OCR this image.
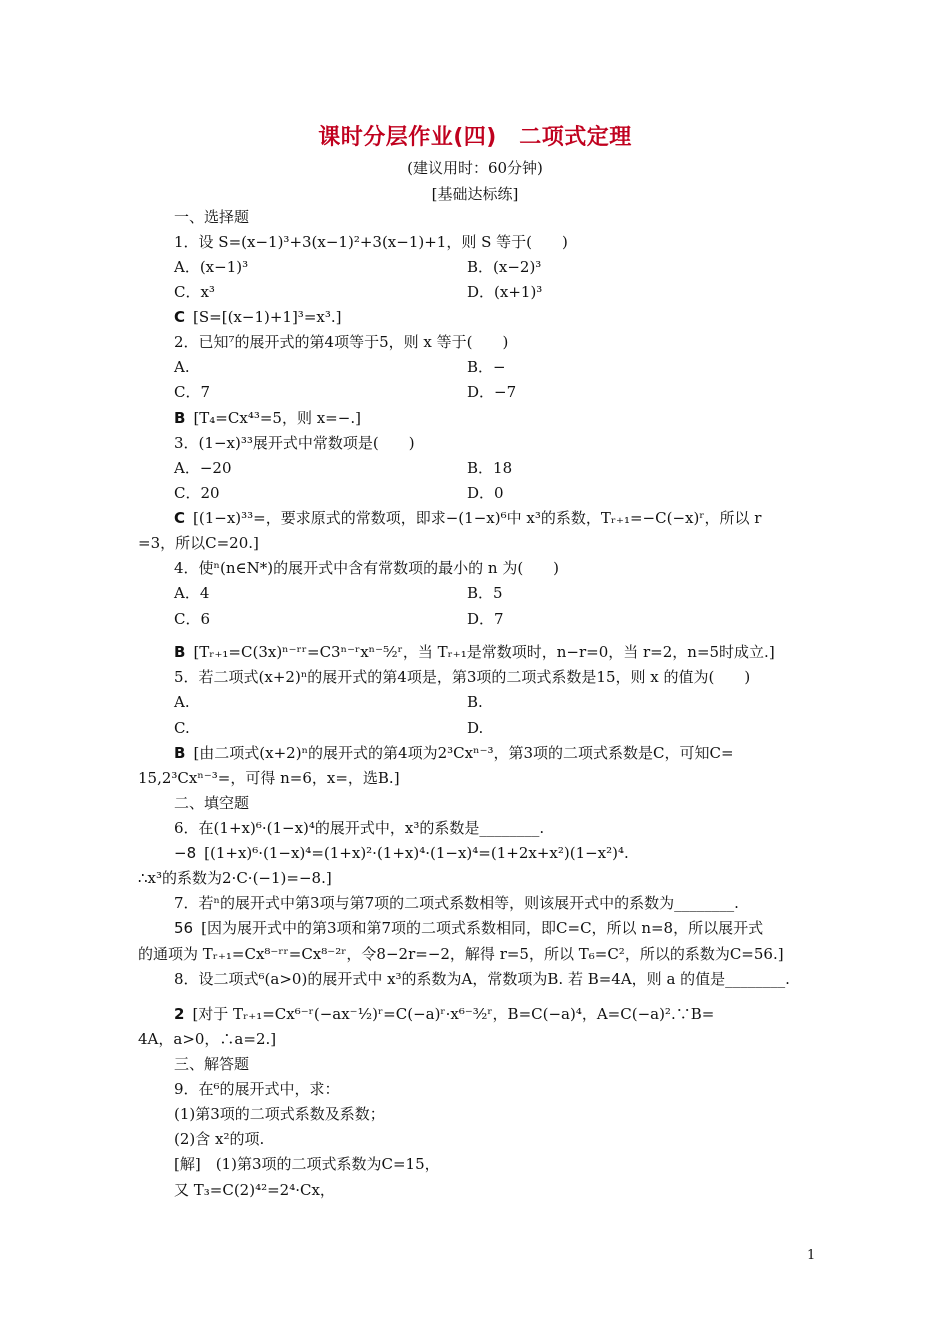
课时分层作业(四)　二项式定理
(建议用时：60分钟)
[基础达标练]
一、选择题
1．设 S=(x−1)³+3(x−1)²+3(x−1)+1，则 S 等于(　　)
A．(x−1)³	B．(x−2)³
C．x³	D．(x+1)³
C [S=[(x−1)+1]³=x³.]
2．已知⁷的展开式的第4项等于5，则 x 等于(　　)
A.	B．−
C．7	D．−7
B [T₄=Cx⁴³=5，则 x=−.]
3．(1−x)³³展开式中常数项是(　　)
A．−20	B．18
C．20	D．0
C [(1−x)³³=，要求原式的常数项，即求−(1−x)⁶中 x³的系数，Tᵣ₊₁=−C(−x)ʳ，所以 r
=3，所以C=20.]
4．使ⁿ(n∈N*)的展开式中含有常数项的最小的 n 为(　　)
A．4	B．5
C．6	D．7
B [Tᵣ₊₁=C(3x)ⁿ⁻ʳʳ=C3ⁿ⁻ʳxⁿ⁻⁵⁄₂ʳ，当 Tᵣ₊₁是常数项时，n−r=0，当 r=2，n=5时成立.]
5．若二项式(x+2)ⁿ的展开式的第4项是，第3项的二项式系数是15，则 x 的值为(　　)
A.	B.
C.	D.
B [由二项式(x+2)ⁿ的展开式的第4项为2³Cxⁿ⁻³，第3项的二项式系数是C，可知C=
15,2³Cxⁿ⁻³=，可得 n=6，x=，选B.]
二、填空题
6．在(1+x)⁶·(1−x)⁴的展开式中，x³的系数是________.
−8 [(1+x)⁶·(1−x)⁴=(1+x)²·(1+x)⁴·(1−x)⁴=(1+2x+x²)(1−x²)⁴.
∴x³的系数为2·C·(−1)=−8.]
7．若ⁿ的展开式中第3项与第7项的二项式系数相等，则该展开式中的系数为________.
56 [因为展开式中的第3项和第7项的二项式系数相同，即C=C，所以 n=8，所以展开式
的通项为 Tᵣ₊₁=Cx⁸⁻ʳʳ=Cx⁸⁻²ʳ，令8−2r=−2，解得 r=5，所以 T₆=C²，所以的系数为C=56.]
8．设二项式⁶(a>0)的展开式中 x³的系数为A，常数项为B. 若 B=4A，则 a 的值是________.
2 [对于 Tᵣ₊₁=Cx⁶⁻ʳ(−ax⁻¹⁄₂)ʳ=C(−a)ʳ·x⁶⁻³⁄₂ʳ，B=C(−a)⁴，A=C(−a)².∵B=
4A，a>0，∴a=2.]
三、解答题
9．在⁶的展开式中，求：
(1)第3项的二项式系数及系数；
(2)含 x²的项.
[解]　(1)第3项的二项式系数为C=15，
又 T₃=C(2)⁴²=2⁴·Cx，
1
